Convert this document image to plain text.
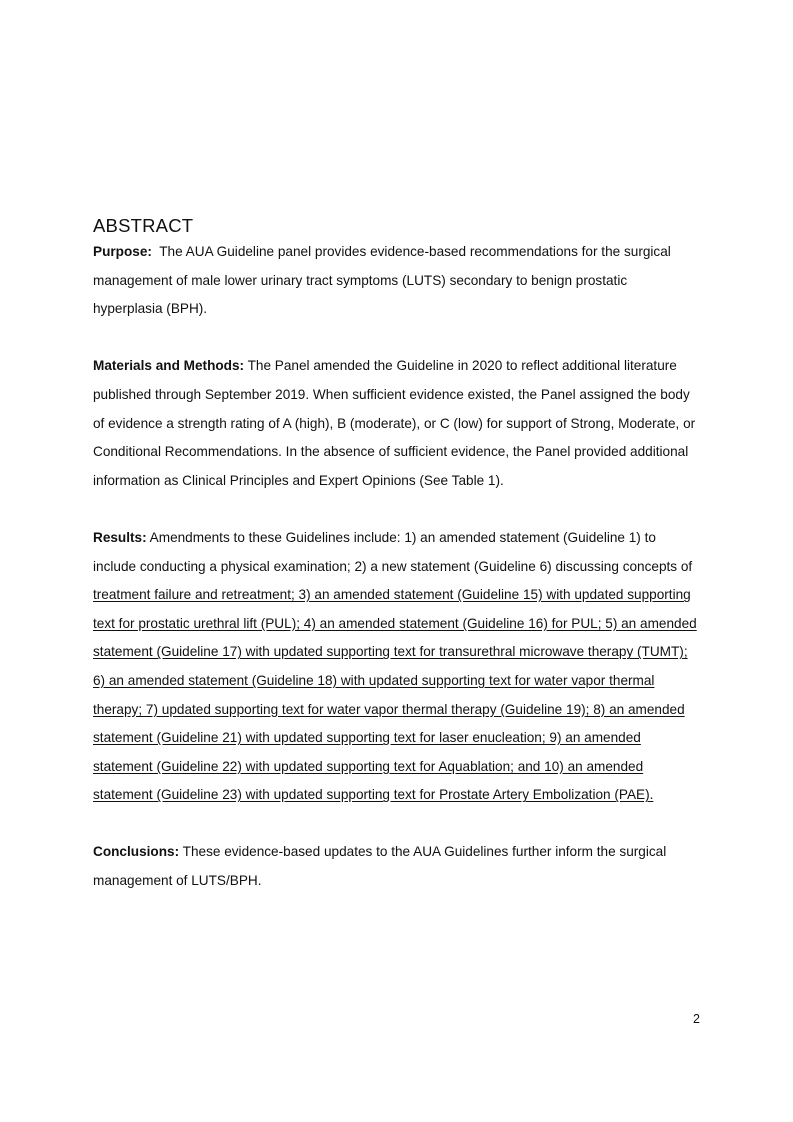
ABSTRACT

Purpose: The AUA Guideline panel provides evidence-based recommendations for the surgical management of male lower urinary tract symptoms (LUTS) secondary to benign prostatic hyperplasia (BPH).

Materials and Methods: The Panel amended the Guideline in 2020 to reflect additional literature published through September 2019. When sufficient evidence existed, the Panel assigned the body of evidence a strength rating of A (high), B (moderate), or C (low) for support of Strong, Moderate, or Conditional Recommendations. In the absence of sufficient evidence, the Panel provided additional information as Clinical Principles and Expert Opinions (See Table 1).

Results: Amendments to these Guidelines include: 1) an amended statement (Guideline 1) to include conducting a physical examination; 2) a new statement (Guideline 6) discussing concepts of treatment failure and retreatment; 3) an amended statement (Guideline 15) with updated supporting text for prostatic urethral lift (PUL); 4) an amended statement (Guideline 16) for PUL; 5) an amended statement (Guideline 17) with updated supporting text for transurethral microwave therapy (TUMT); 6) an amended statement (Guideline 18) with updated supporting text for water vapor thermal therapy; 7) updated supporting text for water vapor thermal therapy (Guideline 19); 8) an amended statement (Guideline 21) with updated supporting text for laser enucleation; 9) an amended statement (Guideline 22) with updated supporting text for Aquablation; and 10) an amended statement (Guideline 23) with updated supporting text for Prostate Artery Embolization (PAE).

Conclusions: These evidence-based updates to the AUA Guidelines further inform the surgical management of LUTS/BPH.

2
